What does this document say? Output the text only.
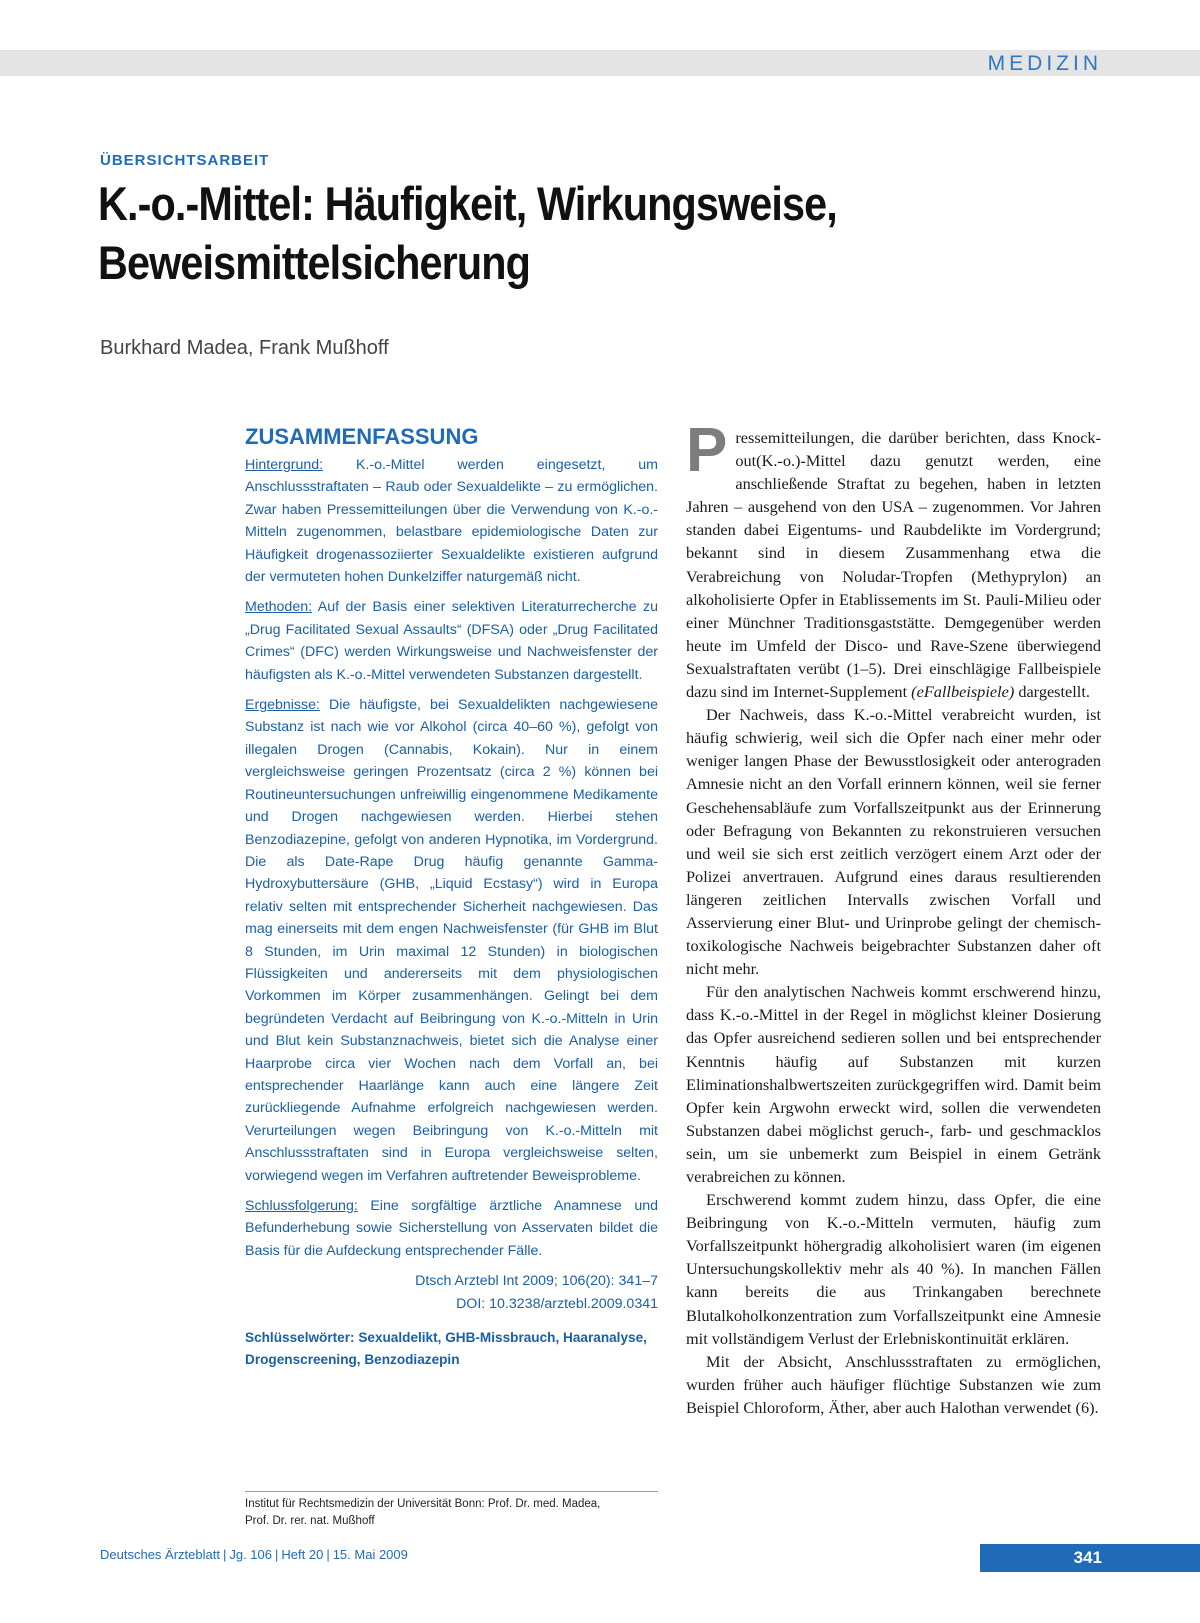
MEDIZIN
ÜBERSICHTSARBEIT
K.-o.-Mittel: Häufigkeit, Wirkungsweise,
Beweismittelsicherung
Burkhard Madea, Frank Mußhoff
ZUSAMMENFASSUNG

Hintergrund: K.-o.-Mittel werden eingesetzt, um Anschlussstraftaten – Raub oder Sexualdelikte – zu ermöglichen. Zwar haben Pressemitteilungen über die Verwendung von K.-o.-Mitteln zugenommen, belastbare epidemiologische Daten zur Häufigkeit drogenassoziierter Sexualdelikte existieren aufgrund der vermuteten hohen Dunkelziffer naturgemäß nicht.

Methoden: Auf der Basis einer selektiven Literaturrecherche zu „Drug Facilitated Sexual Assaults“ (DFSA) oder „Drug Facilitated Crimes“ (DFC) werden Wirkungsweise und Nachweisfenster der häufigsten als K.-o.-Mittel verwendeten Substanzen dargestellt.

Ergebnisse: Die häufigste, bei Sexualdelikten nachgewiesene Substanz ist nach wie vor Alkohol (circa 40–60 %), gefolgt von illegalen Drogen (Cannabis, Kokain). Nur in einem vergleichsweise geringen Prozentsatz (circa 2 %) können bei Routineuntersuchungen unfreiwillig eingenommene Medikamente und Drogen nachgewiesen werden. Hierbei stehen Benzodiazepine, gefolgt von anderen Hypnotika, im Vordergrund. Die als Date-Rape Drug häufig genannte Gamma-Hydroxybuttersäure (GHB, „Liquid Ecstasy“) wird in Europa relativ selten mit entsprechender Sicherheit nachgewiesen. Das mag einerseits mit dem engen Nachweisfenster (für GHB im Blut 8 Stunden, im Urin maximal 12 Stunden) in biologischen Flüssigkeiten und andererseits mit dem physiologischen Vorkommen im Körper zusammenhängen. Gelingt bei dem begründeten Verdacht auf Beibringung von K.-o.-Mitteln in Urin und Blut kein Substanznachweis, bietet sich die Analyse einer Haarprobe circa vier Wochen nach dem Vorfall an, bei entsprechender Haarlänge kann auch eine längere Zeit zurückliegende Aufnahme erfolgreich nachgewiesen werden. Verurteilungen wegen Beibringung von K.-o.-Mitteln mit Anschlussstraftaten sind in Europa vergleichsweise selten, vorwiegend wegen im Verfahren auftretender Beweisprobleme.

Schlussfolgerung: Eine sorgfältige ärztliche Anamnese und Befunderhebung sowie Sicherstellung von Asservaten bildet die Basis für die Aufdeckung entsprechender Fälle.

Dtsch Arztebl Int 2009; 106(20): 341–7
DOI: 10.3238/arztebl.2009.0341
Schlüsselwörter: Sexualdelikt, GHB-Missbrauch, Haaranalyse, Drogenscreening, Benzodiazepin
Institut für Rechtsmedizin der Universität Bonn: Prof. Dr. med. Madea,
Prof. Dr. rer. nat. Mußhoff

Pressemitteilungen, die darüber berichten, dass Knock-out(K.-o.)-Mittel dazu genutzt werden, eine anschließende Straftat zu begehen, haben in letzten Jahren – ausgehend von den USA – zugenommen. Vor Jahren standen dabei Eigentums- und Raubdelikte im Vordergrund; bekannt sind in diesem Zusammenhang etwa die Verabreichung von Noludar-Tropfen (Methyprylon) an alkoholisierte Opfer in Etablissements im St. Pauli-Milieu oder einer Münchner Traditionsgaststätte. Demgegenüber werden heute im Umfeld der Disco- und Rave-Szene überwiegend Sexualstraftaten verübt (1–5). Drei einschlägige Fallbeispiele dazu sind im Internet-Supplement (eFallbeispiele) dargestellt.

Der Nachweis, dass K.-o.-Mittel verabreicht wurden, ist häufig schwierig, weil sich die Opfer nach einer mehr oder weniger langen Phase der Bewusstlosigkeit oder anterograden Amnesie nicht an den Vorfall erinnern können, weil sie ferner Geschehensabläufe zum Vorfallszeitpunkt aus der Erinnerung oder Befragung von Bekannten zu rekonstruieren versuchen und weil sie sich erst zeitlich verzögert einem Arzt oder der Polizei anvertrauen. Aufgrund eines daraus resultierenden längeren zeitlichen Intervalls zwischen Vorfall und Asservierung einer Blut- und Urinprobe gelingt der chemisch-toxikologische Nachweis beigebrachter Substanzen daher oft nicht mehr.

Für den analytischen Nachweis kommt erschwerend hinzu, dass K.-o.-Mittel in der Regel in möglichst kleiner Dosierung das Opfer ausreichend sedieren sollen und bei entsprechender Kenntnis häufig auf Substanzen mit kurzen Eliminationshalbwertszeiten zurückgegriffen wird. Damit beim Opfer kein Argwohn erweckt wird, sollen die verwendeten Substanzen dabei möglichst geruch-, farb- und geschmacklos sein, um sie unbemerkt zum Beispiel in einem Getränk verabreichen zu können.

Erschwerend kommt zudem hinzu, dass Opfer, die eine Beibringung von K.-o.-Mitteln vermuten, häufig zum Vorfallszeitpunkt höhergradig alkoholisiert waren (im eigenen Untersuchungskollektiv mehr als 40 %). In manchen Fällen kann bereits die aus Trinkangaben berechnete Blutalkoholkonzentration zum Vorfallszeitpunkt eine Amnesie mit vollständigem Verlust der Erlebniskontinuität erklären.

Mit der Absicht, Anschlussstraftaten zu ermöglichen, wurden früher auch häufiger flüchtige Substanzen wie zum Beispiel Chloroform, Äther, aber auch Halothan verwendet (6).

Deutsches Ärzteblatt | Jg. 106 | Heft 20 | 15. Mai 2009	341
